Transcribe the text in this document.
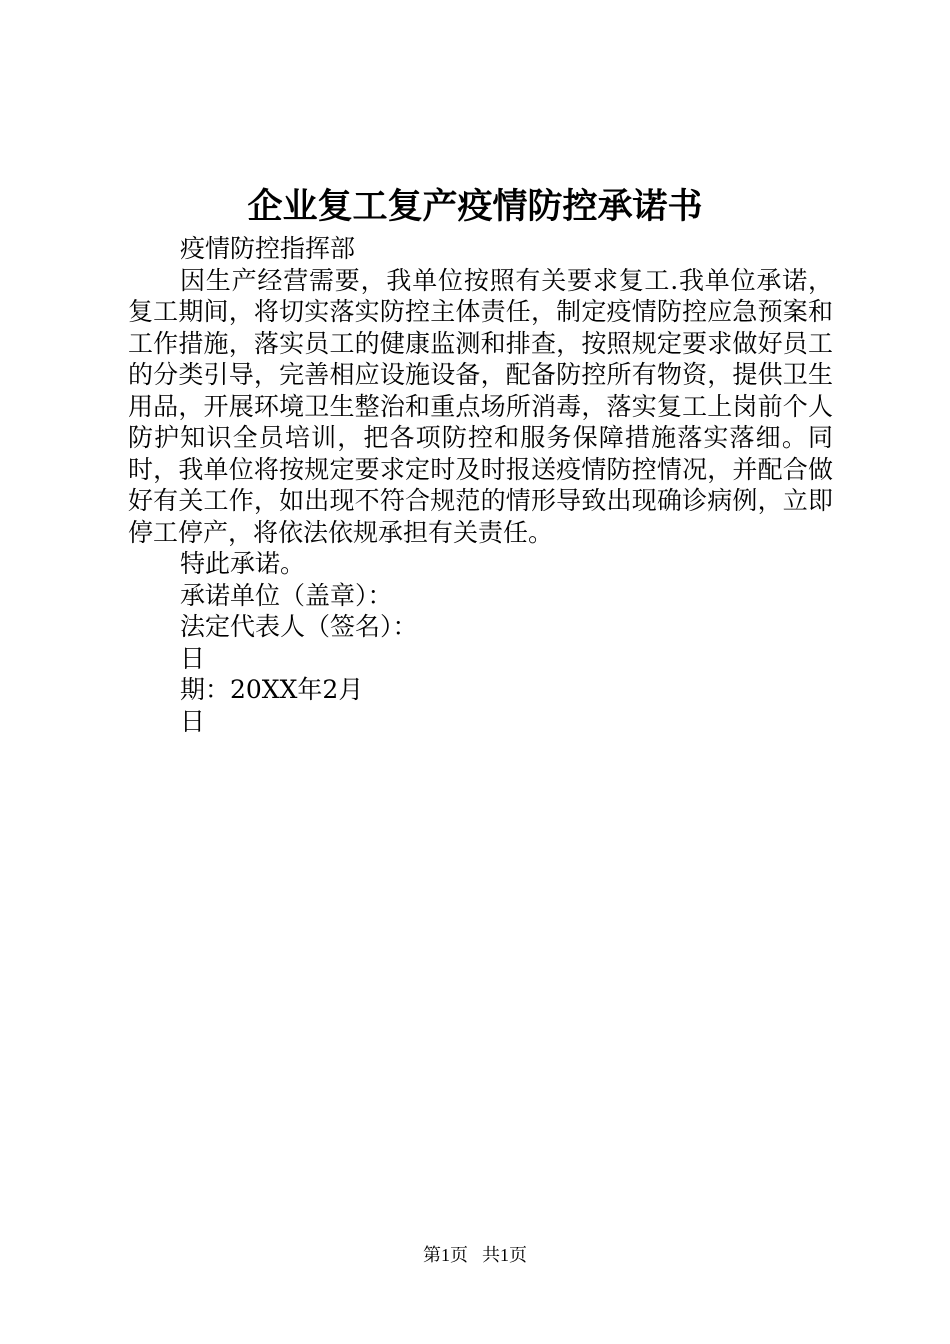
企业复工复产疫情防控承诺书

疫情防控指挥部

因生产经营需要，我单位按照有关要求复工.我单位承诺，复工期间，将切实落实防控主体责任，制定疫情防控应急预案和工作措施，落实员工的健康监测和排查，按照规定要求做好员工的分类引导，完善相应设施设备，配备防控所有物资，提供卫生用品，开展环境卫生整治和重点场所消毒，落实复工上岗前个人防护知识全员培训，把各项防控和服务保障措施落实落细。同时，我单位将按规定要求定时及时报送疫情防控情况，并配合做好有关工作，如出现不符合规范的情形导致出现确诊病例，立即停工停产，将依法依规承担有关责任。

特此承诺。

承诺单位（盖章）：

法定代表人（签名）：

日

期：20XX年2月

日

第1页 共1页
